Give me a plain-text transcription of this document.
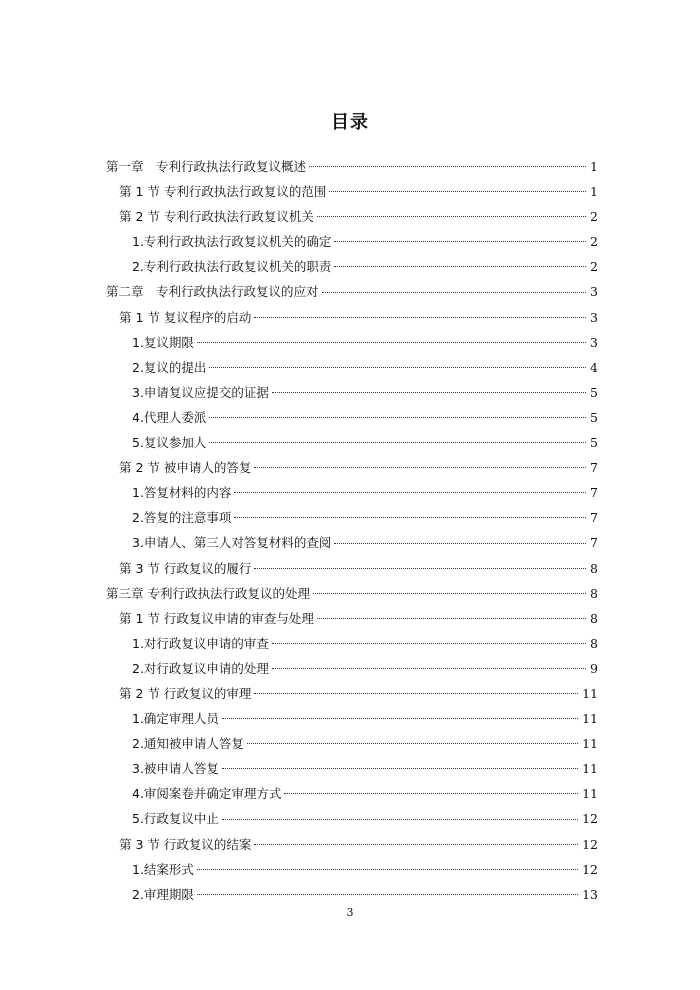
目录
第一章　专利行政执法行政复议概述	1
第 1 节 专利行政执法行政复议的范围	1
第 2 节 专利行政执法行政复议机关	2
1.专利行政执法行政复议机关的确定	2
2.专利行政执法行政复议机关的职责	2
第二章　专利行政执法行政复议的应对	3
第 1 节 复议程序的启动	3
1.复议期限	3
2.复议的提出	4
3.申请复议应提交的证据	5
4.代理人委派	5
5.复议参加人	5
第 2 节 被申请人的答复	7
1.答复材料的内容	7
2.答复的注意事项	7
3.申请人、第三人对答复材料的查阅	7
第 3 节 行政复议的履行	8
第三章 专利行政执法行政复议的处理	8
第 1 节 行政复议申请的审查与处理	8
1.对行政复议申请的审查	8
2.对行政复议申请的处理	9
第 2 节 行政复议的审理	11
1.确定审理人员	11
2.通知被申请人答复	11
3.被申请人答复	11
4.审阅案卷并确定审理方式	11
5.行政复议中止	12
第 3 节 行政复议的结案	12
1.结案形式	12
2.审理期限	13
3
